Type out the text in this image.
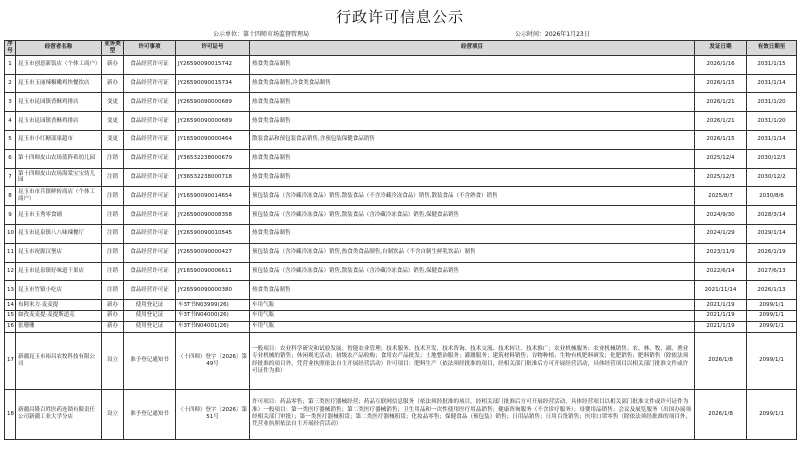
行政许可信息公示
公示单位：第十四师市场监督管理局	公示时间：2026年1月23日
序号	经营者名称	业务类型	许可事项	许可证号	经营项目	发证日期	有效日期至
1	昆玉市创意新饭店（个体工商户）	新办	食品经营许可证	JY26590090015742	热食类食品制售	2026/1/16	2031/1/15
2	昆玉市玉丽辣椒嫩鸡快餐饮店	新办	食品经营许可证	JY26590090015734	热食类食品制售,冷食类食品制售	2026/1/15	2031/1/14
3	昆玉市昆园镇香酥鸡排店	变更	食品经营许可证	JY26590090000689	热食类食品制售	2026/1/21	2031/1/20
4	昆玉市昆园镇香酥鸡排店	变更	食品经营许可证	JY26590090000689	热食类食品制售	2026/1/21	2031/1/20
5	昆玉市小红糖部果超市	变更	食品经营许可证	JY16590090000464	散装食品和预包装食品销售,含预包装保健食品销售	2026/1/15	2031/1/14
6	第十四师皮山农场蓝阵希幼儿园	注销	食品经营许可证	JY36532238000679	热食类食品制售	2025/12/4	2030/12/3
7	第十四师皮山农场海棠宝宝幼儿园	注销	食品经营许可证	JY36532238000718	热食类食品制售	2025/12/3	2030/12/2
8	昆玉市市兵镇鲜转商店（个体工商户）	注销	食品经营许可证	JY16590090014654	预包装食品（含冷藏冷冻食品）销售,散装食品（不含冷藏冷冻食品）销售,散装食品（不含熟食）销售	2025/8/7	2030/8/6
9	昆玉市玉秀零食铺	注销	食品经营许可证	JY26590090008358	预包装食品（含冷藏冷冻食品）销售,散装食品（含冷藏冷冻食品）销售,保健食品销售	2024/9/30	2028/3/14
10	昆玉市昆泉镇八八味辣餐厅	注销	食品经营许可证	JY26590090010545	热食类食品制售	2024/1/29	2029/1/14
11	昆玉市祝源汉堡店	注销	食品经营许可证	JY26590090000427	预包装食品（含冷藏冷冻食品）销售,热食类食品制售,自制饮品（不含自制生鲜乳饮品）制售	2023/11/9	2026/1/19
12	昆玉市昆泉镇好味道干果店	注销	食品经营许可证	JY16590090006611	预包装食品（含冷藏冷冻食品）销售,散装食品（含冷藏冷冻食品）销售,保健食品销售	2022/6/14	2027/6/13
13	昆玉市竹镇小吃店	注销	食品经营许可证	JY26590090000380	热食类食品制售	2021/11/14	2026/1/13
14	布阿米力·麦麦提	新办	使用登记证	车3T书N03999(26)	车用气瓶	2021/1/19	2099/1/1
15	如孜麦麦提·麦提斯道克	新办	使用登记证	车3T书N04000(26)	车用气瓶	2021/1/19	2099/1/1
16	张珊珊	新办	使用登记证	车3T书N04001(26)	车用气瓶	2021/1/19	2099/1/1
17	新疆昆玉市裕昌农牧科技有限公司	设立	准予登记通知书	（十四师）登字〔2026〕第49号	一般项目：农业科学研究和试验发展；智能农业管理；技术服务、技术开发、技术咨询、技术交流、技术转让、技术推广；农业机械服务；农业机械销售；农、林、牧、副、渔业专业机械的销售；休闲观光活动；初级农产品收购；食用农产品批发；土地整治服务；灌溉服务；建筑材料销售；谷物种植；生物有机肥料研发；化肥销售；肥料销售（除依法须经批准的项目外，凭营业执照依法自主开展经营活动）许可项目：肥料生产（依法须经批准的项目，经相关部门批准后方可开展经营活动，具体经营项目以相关部门批准文件或许可证件为准）	2026/1/8	2099/1/1
18	新疆昌隆百姓医药连锁有限责任公司新疆工业大学分店	设立	准予登记通知书	（十四师）登字〔2026〕第51号	许可项目：药品零售；第三类医疗器械经营；药品互联网信息服务（依法须经批准的项目，经相关部门批准后方可开展经营活动，具体经营项目以相关部门批准文件或许可证件为准）一般项目：第一类医疗器械销售；第二类医疗器械销售；卫生用品和一次性使用医疗用品销售；健康咨询服务（不含诊疗服务）；母婴用品销售；会议及展览服务（出国办展须经相关部门审批）；第一类医疗器械租赁；第二类医疗器械租赁；化妆品零售；保健食品（预包装）销售；日用品销售；日用百货销售；医用口罩零售（除依法须经批准的项目外，凭营业执照依法自主开展经营活动）	2026/1/8	2099/1/1
